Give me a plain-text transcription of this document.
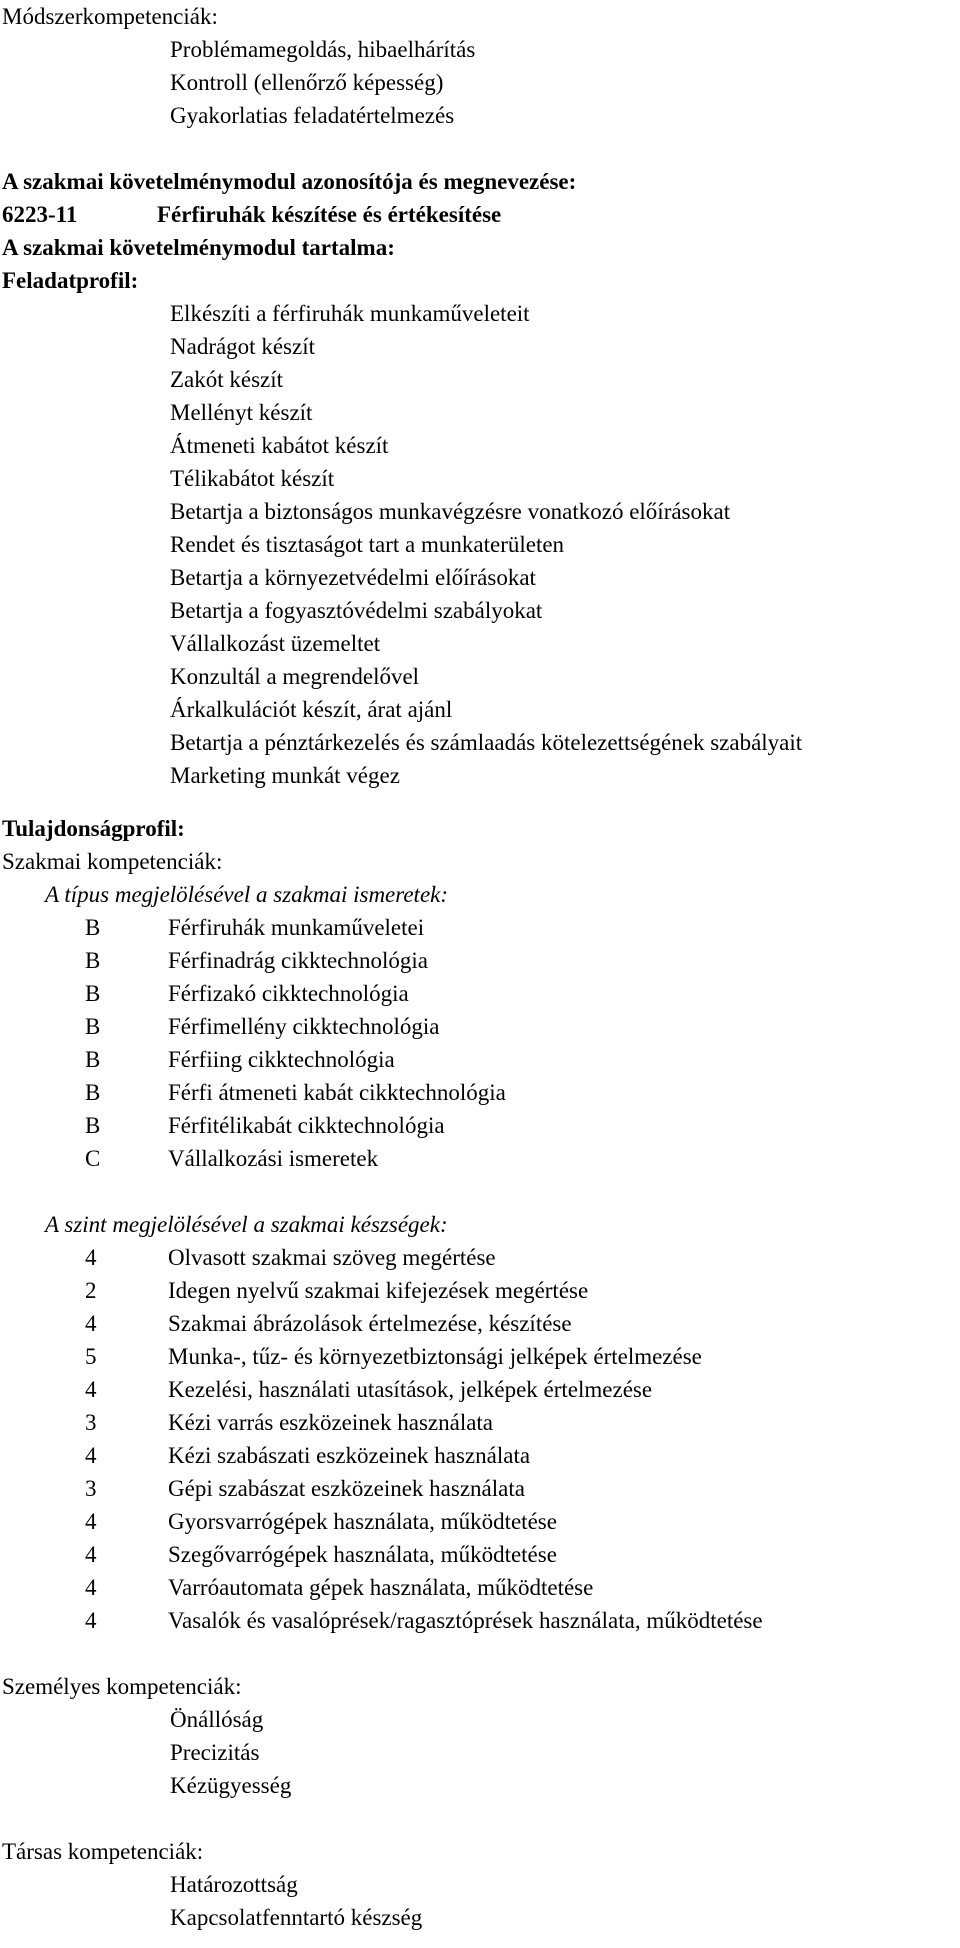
Módszerkompetenciák:
Problémamegoldás, hibaelhárítás
Kontroll (ellenőrző képesség)
Gyakorlatias feladatértelmezés
A szakmai követelménymodul azonosítója és megnevezése:
6223-11	Férfiruhák készítése és értékesítése
A szakmai követelménymodul tartalma:
Feladatprofil:
Elkészíti a férfiruhák munkaműveleteit
Nadrágot készít
Zakót készít
Mellényt készít
Átmeneti kabátot készít
Télikabátot készít
Betartja a biztonságos munkavégzésre vonatkozó előírásokat
Rendet és tisztaságot tart a munkaterületen
Betartja a környezetvédelmi előírásokat
Betartja a fogyasztóvédelmi szabályokat
Vállalkozást üzemeltet
Konzultál a megrendelővel
Árkalkulációt készít, árat ajánl
Betartja a pénztárkezelés és számlaadás kötelezettségének szabályait
Marketing munkát végez
Tulajdonságprofil:
Szakmai kompetenciák:
A típus megjelölésével a szakmai ismeretek:
B	Férfiruhák munkaműveletei
B	Férfinadrág cikktechnológia
B	Férfizakó cikktechnológia
B	Férfimellény cikktechnológia
B	Férfiing cikktechnológia
B	Férfi átmeneti kabát cikktechnológia
B	Férfitélikabát cikktechnológia
C	Vállalkozási ismeretek
A szint megjelölésével a szakmai készségek:
4	Olvasott szakmai szöveg megértése
2	Idegen nyelvű szakmai kifejezések megértése
4	Szakmai ábrázolások értelmezése, készítése
5	Munka-, tűz- és környezetbiztonsági jelképek értelmezése
4	Kezelési, használati utasítások, jelképek értelmezése
3	Kézi varrás eszközeinek használata
4	Kézi szabászati eszközeinek használata
3	Gépi szabászat eszközeinek használata
4	Gyorsvarrógépek használata, működtetése
4	Szegővarrógépek használata, működtetése
4	Varróautomata gépek használata, működtetése
4	Vasalók és vasalóprések/ragasztóprések használata, működtetése
Személyes kompetenciák:
Önállóság
Precizitás
Kézügyesség
Társas kompetenciák:
Határozottság
Kapcsolatfenntartó készség
